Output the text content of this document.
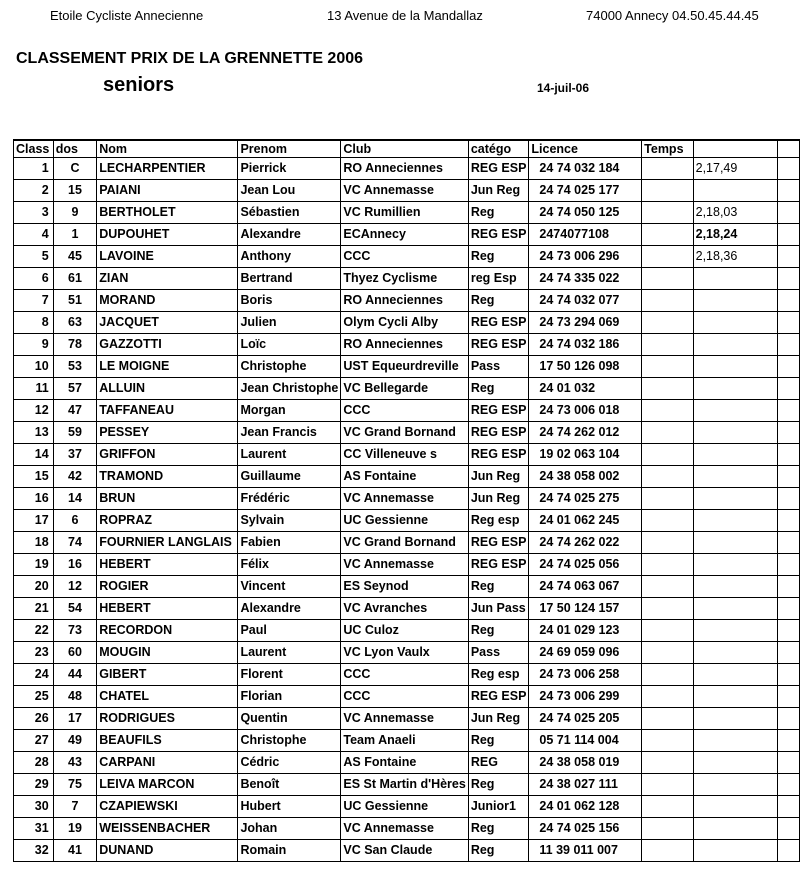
Etoile Cycliste Annecienne	13 Avenue de la Mandallaz	74000 Annecy 04.50.45.44.45
CLASSEMENT PRIX DE LA GRENNETTE 2006
seniors	14-juil-06
Class	dos	Nom	Prenom	Club	catégo	Licence	Temps		
1	C	LECHARPENTIER	Pierrick	RO Anneciennes	REG ESP	24 74 032 184		2,17,49	
2	15	PAIANI	Jean Lou	VC Annemasse	Jun Reg	24 74 025 177			
3	9	BERTHOLET	Sébastien	VC Rumillien	Reg	24 74 050 125		2,18,03	
4	1	DUPOUHET	Alexandre	ECAnnecy	REG ESP	2474077108		2,18,24	
5	45	LAVOINE	Anthony	CCC	Reg	24 73 006 296		2,18,36	
6	61	ZIAN	Bertrand	Thyez Cyclisme	reg Esp	24 74 335 022			
7	51	MORAND	Boris	RO Anneciennes	Reg	24 74 032 077			
8	63	JACQUET	Julien	Olym Cycli Alby	REG ESP	24 73 294 069			
9	78	GAZZOTTI	Loïc	RO Anneciennes	REG ESP	24 74 032 186			
10	53	LE MOIGNE	Christophe	UST Equeurdreville	Pass	17 50 126 098			
11	57	ALLUIN	Jean Christophe	VC Bellegarde	Reg	24 01 032			
12	47	TAFFANEAU	Morgan	CCC	REG ESP	24 73 006 018			
13	59	PESSEY	Jean Francis	VC Grand Bornand	REG ESP	24 74 262 012			
14	37	GRIFFON	Laurent	CC Villeneuve s	REG ESP	19 02 063 104			
15	42	TRAMOND	Guillaume	AS Fontaine	Jun Reg	24 38 058 002			
16	14	BRUN	Frédéric	VC Annemasse	Jun Reg	24 74 025 275			
17	6	ROPRAZ	Sylvain	UC Gessienne	Reg esp	24 01 062 245			
18	74	FOURNIER LANGLAIS	Fabien	VC Grand Bornand	REG ESP	24 74 262 022			
19	16	HEBERT	Félix	VC Annemasse	REG ESP	24 74 025 056			
20	12	ROGIER	Vincent	ES Seynod	Reg	24 74 063 067			
21	54	HEBERT	Alexandre	VC Avranches	Jun Pass	17 50 124 157			
22	73	RECORDON	Paul	UC Culoz	Reg	24 01 029 123			
23	60	MOUGIN	Laurent	VC Lyon Vaulx	Pass	24 69 059 096			
24	44	GIBERT	Florent	CCC	Reg esp	24 73 006 258			
25	48	CHATEL	Florian	CCC	REG ESP	24 73 006 299			
26	17	RODRIGUES	Quentin	VC Annemasse	Jun Reg	24 74 025 205			
27	49	BEAUFILS	Christophe	Team Anaeli	Reg	05 71 114 004			
28	43	CARPANI	Cédric	AS Fontaine	REG	24 38 058 019			
29	75	LEIVA MARCON	Benoît	ES St Martin d'Hères	Reg	24 38 027 111			
30	7	CZAPIEWSKI	Hubert	UC Gessienne	Junior1	24 01 062 128			
31	19	WEISSENBACHER	Johan	VC Annemasse	Reg	24 74 025 156			
32	41	DUNAND	Romain	VC San Claude	Reg	11 39 011 007			
